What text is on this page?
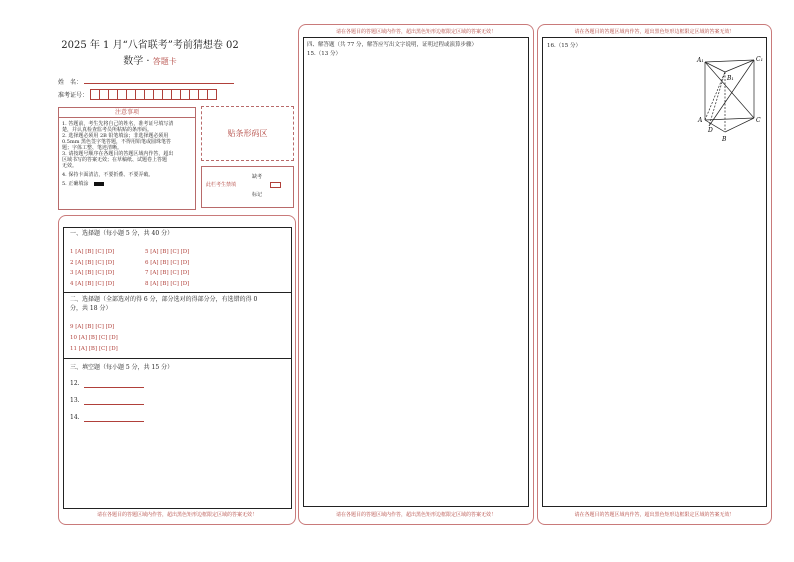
2025 年 1 月“八省联考”考前猜想卷 02
数学 · 答题卡
姓　名：
准考证号：
注意事项
1. 答题前，考生先将自己的姓名，准考证号填写清
楚，并认真检查监考员所粘贴的条形码。
2. 选择题必须用 2B 铅笔填涂；非选择题必须用
0.5mm 黑色签字笔答题，不得用铅笔或圆珠笔答
题；字体工整、笔迹清晰。
3. 请按题号顺序在各题目的答题区域内作答，超出
区域书写的答案无效；在草稿纸、试题卷上答题
无效。
4. 保持卡面清洁，不要折叠、不要弄破。
5. 正确填涂
贴条形码区
缺考
此栏考生禁填
标记
一、选择题（每小题 5 分，共 40 分）
1 [A] [B] [C] [D]
2 [A] [B] [C] [D]
3 [A] [B] [C] [D]
4 [A] [B] [C] [D]
5 [A] [B] [C] [D]
6 [A] [B] [C] [D]
7 [A] [B] [C] [D]
8 [A] [B] [C] [D]
二、选择题（全部选对的得 6 分，部分选对的得部分分，有选错的得 0
分，共 18 分）
9 [A] [B] [C] [D]
10 [A] [B] [C] [D]
11 [A] [B] [C] [D]
三、填空题（每小题 5 分，共 15 分）
12.
13.
14.
请在各题目的答题区域内作答，超出黑色矩形边框限定区域的答案无效！
请在各题目的答题区域内作答，超出黑色矩形边框限定区域的答案无效！
四、解答题（共 77 分，解答应写出文字说明，证明过程或演算步骤）
15.（13 分）
请在各题目的答题区域内作答，超出黑色矩形边框限定区域的答案无效！
请在各题目的答题区域内作答，超出黑色矩形边框限定区域的答案无效！
16.（15 分）
A₁	C₁
B₁
A	C
D
B
请在各题目的答题区域内作答，超出黑色矩形边框限定区域的答案无效！
